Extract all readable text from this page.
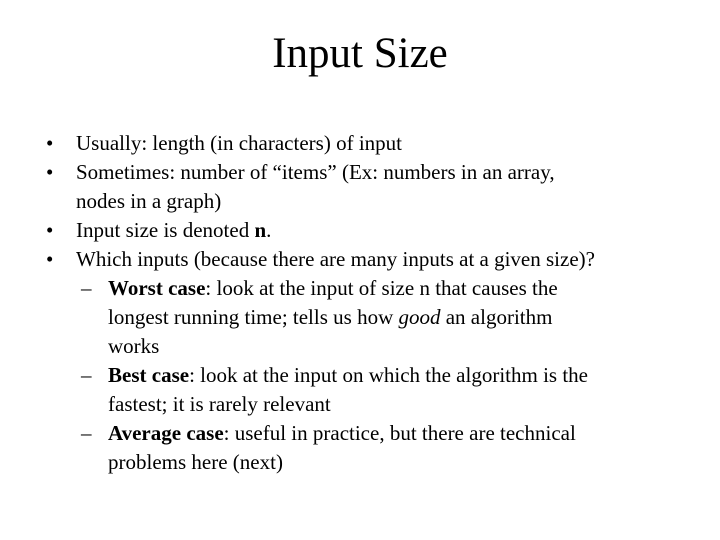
Input Size
• Usually: length (in characters) of input
• Sometimes: number of “items” (Ex: numbers in an array,
nodes in a graph)
• Input size is denoted n.
• Which inputs (because there are many inputs at a given size)?
– Worst case: look at the input of size n that causes the
longest running time; tells us how good an algorithm
works
– Best case: look at the input on which the algorithm is the
fastest; it is rarely relevant
– Average case: useful in practice, but there are technical
problems here (next)
